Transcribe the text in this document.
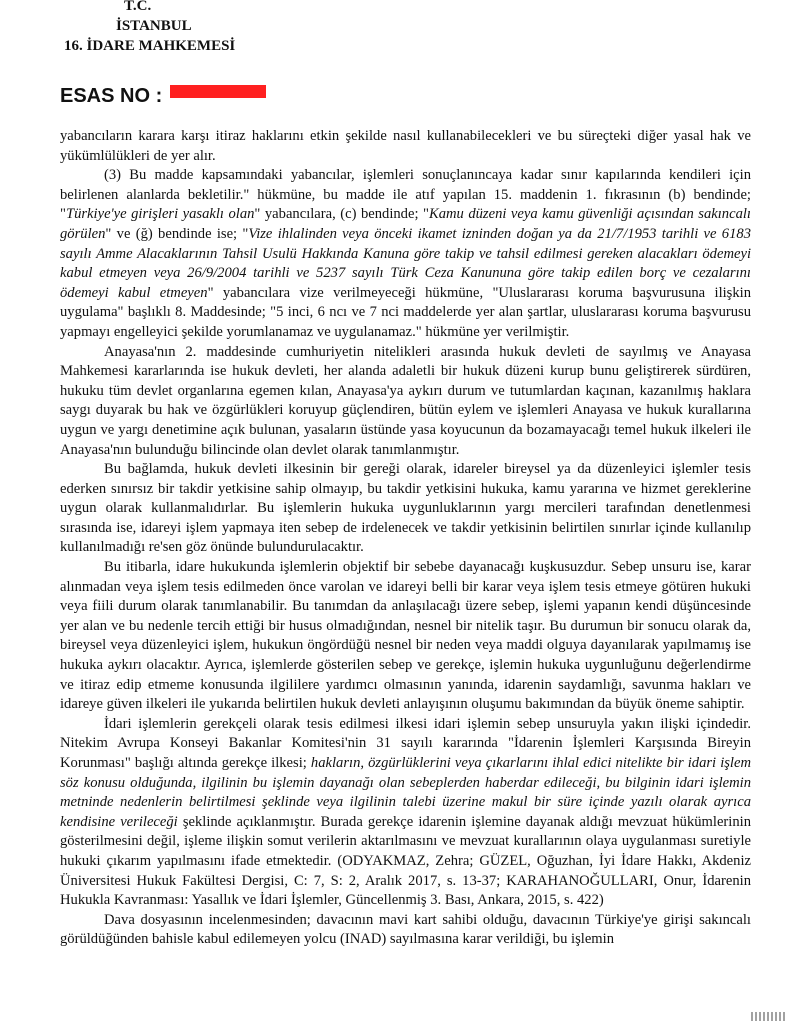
T.C.
İSTANBUL
16. İDARE MAHKEMESİ
ESAS NO :

yabancıların karara karşı itiraz haklarını etkin şekilde nasıl kullanabilecekleri ve bu süreçteki diğer yasal hak ve yükümlülükleri de yer alır.

(3) Bu madde kapsamındaki yabancılar, işlemleri sonuçlanıncaya kadar sınır kapılarında kendileri için belirlenen alanlarda bekletilir." hükmüne, bu madde ile atıf yapılan 15. maddenin 1. fıkrasının (b) bendinde; "Türkiye'ye girişleri yasaklı olan" yabancılara, (c) bendinde; "Kamu düzeni veya kamu güvenliği açısından sakıncalı görülen" ve (ğ) bendinde ise; "Vize ihlalinden veya önceki ikamet izninden doğan ya da 21/7/1953 tarihli ve 6183 sayılı Amme Alacaklarının Tahsil Usulü Hakkında Kanuna göre takip ve tahsil edilmesi gereken alacakları ödemeyi kabul etmeyen veya 26/9/2004 tarihli ve 5237 sayılı Türk Ceza Kanununa göre takip edilen borç ve cezalarını ödemeyi kabul etmeyen" yabancılara vize verilmeyeceği hükmüne, "Uluslararası koruma başvurusuna ilişkin uygulama" başlıklı 8. Maddesinde; "5 inci, 6 ncı ve 7 nci maddelerde yer alan şartlar, uluslararası koruma başvurusu yapmayı engelleyici şekilde yorumlanamaz ve uygulanamaz." hükmüne yer verilmiştir.

Anayasa'nın 2. maddesinde cumhuriyetin nitelikleri arasında hukuk devleti de sayılmış ve Anayasa Mahkemesi kararlarında ise hukuk devleti, her alanda adaletli bir hukuk düzeni kurup bunu geliştirerek sürdüren, hukuku tüm devlet organlarına egemen kılan, Anayasa'ya aykırı durum ve tutumlardan kaçınan, kazanılmış haklara saygı duyarak bu hak ve özgürlükleri koruyup güçlendiren, bütün eylem ve işlemleri Anayasa ve hukuk kurallarına uygun ve yargı denetimine açık bulunan, yasaların üstünde yasa koyucunun da bozamayacağı temel hukuk ilkeleri ile Anayasa'nın bulunduğu bilincinde olan devlet olarak tanımlanmıştır.

Bu bağlamda, hukuk devleti ilkesinin bir gereği olarak, idareler bireysel ya da düzenleyici işlemler tesis ederken sınırsız bir takdir yetkisine sahip olmayıp, bu takdir yetkisini hukuka, kamu yararına ve hizmet gereklerine uygun olarak kullanmalıdırlar. Bu işlemlerin hukuka uygunluklarının yargı mercileri tarafından denetlenmesi sırasında ise, idareyi işlem yapmaya iten sebep de irdelenecek ve takdir yetkisinin belirtilen sınırlar içinde kullanılıp kullanılmadığı re'sen göz önünde bulundurulacaktır.

Bu itibarla, idare hukukunda işlemlerin objektif bir sebebe dayanacağı kuşkusuzdur. Sebep unsuru ise, karar alınmadan veya işlem tesis edilmeden önce varolan ve idareyi belli bir karar veya işlem tesis etmeye götüren hukuki veya fiili durum olarak tanımlanabilir. Bu tanımdan da anlaşılacağı üzere sebep, işlemi yapanın kendi düşüncesinde yer alan ve bu nedenle tercih ettiği bir husus olmadığından, nesnel bir nitelik taşır. Bu durumun bir sonucu olarak da, bireysel veya düzenleyici işlem, hukukun öngördüğü nesnel bir neden veya maddi olguya dayanılarak yapılmamış ise hukuka aykırı olacaktır. Ayrıca, işlemlerde gösterilen sebep ve gerekçe, işlemin hukuka uygunluğunu değerlendirme ve itiraz edip etmeme konusunda ilgililere yardımcı olmasının yanında, idarenin saydamlığı, savunma hakları ve idareye güven ilkeleri ile yukarıda belirtilen hukuk devleti anlayışının oluşumu bakımından da büyük öneme sahiptir.

İdari işlemlerin gerekçeli olarak tesis edilmesi ilkesi idari işlemin sebep unsuruyla yakın ilişki içindedir. Nitekim Avrupa Konseyi Bakanlar Komitesi'nin 31 sayılı kararında "İdarenin İşlemleri Karşısında Bireyin Korunması" başlığı altında gerekçe ilkesi; hakların, özgürlüklerini veya çıkarlarını ihlal edici nitelikte bir idari işlem söz konusu olduğunda, ilgilinin bu işlemin dayanağı olan sebeplerden haberdar edileceği, bu bilginin idari işlemin metninde nedenlerin belirtilmesi şeklinde veya ilgilinin talebi üzerine makul bir süre içinde yazılı olarak ayrıca kendisine verileceği şeklinde açıklanmıştır. Burada gerekçe idarenin işlemine dayanak aldığı mevzuat hükümlerinin gösterilmesini değil, işleme ilişkin somut verilerin aktarılmasını ve mevzuat kurallarının olaya uygulanması suretiyle hukuki çıkarım yapılmasını ifade etmektedir. (ODYAKMAZ, Zehra; GÜZEL, Oğuzhan, İyi İdare Hakkı, Akdeniz Üniversitesi Hukuk Fakültesi Dergisi, C: 7, S: 2, Aralık 2017, s. 13-37; KARAHANOĞULLARI, Onur, İdarenin Hukukla Kavranması: Yasallık ve İdari İşlemler, Güncellenmiş 3. Bası, Ankara, 2015, s. 422)

Dava dosyasının incelenmesinden; davacının mavi kart sahibi olduğu, davacının Türkiye'ye girişi sakıncalı görüldüğünden bahisle kabul edilemeyen yolcu (INAD) sayılmasına karar verildiği, bu işlemin
